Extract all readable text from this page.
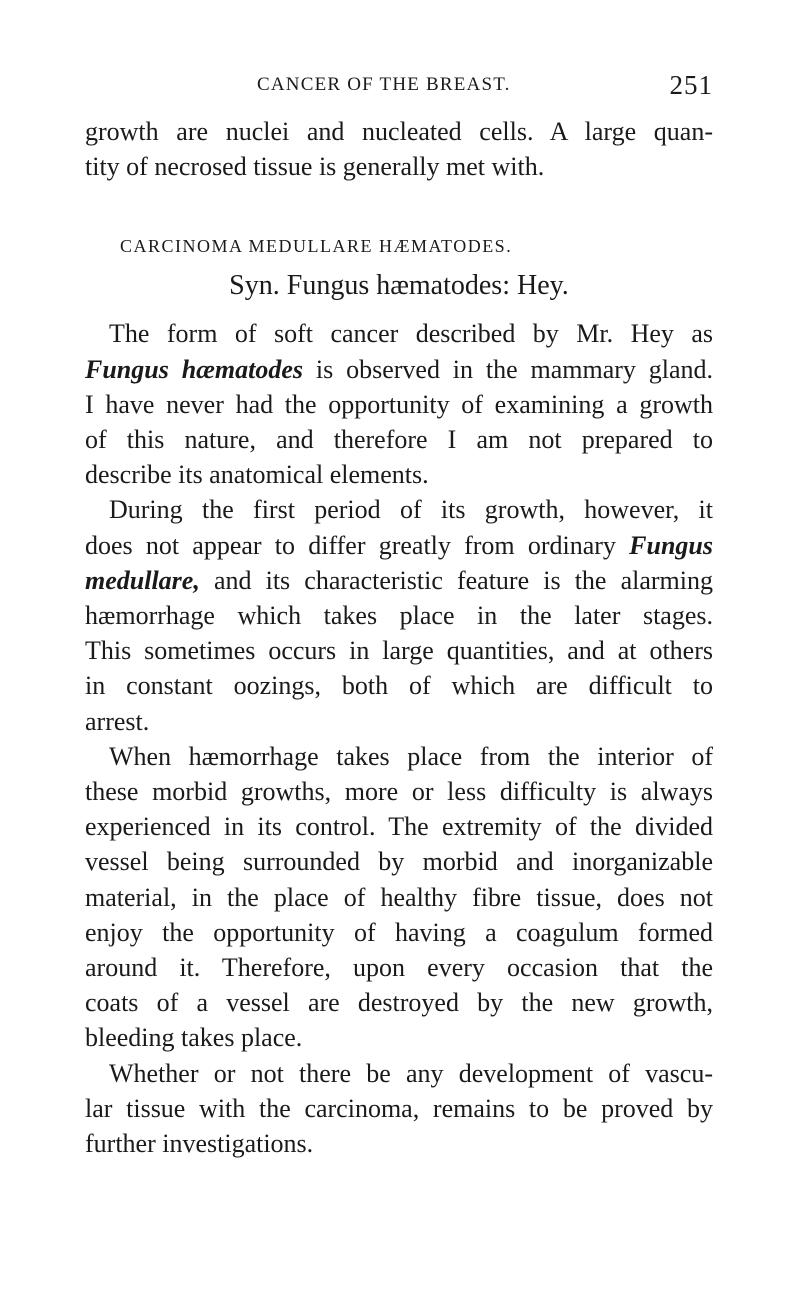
CANCER OF THE BREAST.	251

growth are nuclei and nucleated cells. A large quan-

tity of necrosed tissue is generally met with.

CARCINOMA MEDULLARE HÆMATODES.
Syn. Fungus hæmatodes: Hey.

The form of soft cancer described by Mr. Hey as

Fungus hæmatodes is observed in the mammary gland.

I have never had the opportunity of examining a growth

of this nature, and therefore I am not prepared to

describe its anatomical elements.

During the first period of its growth, however, it

does not appear to differ greatly from ordinary Fungus

medullare, and its characteristic feature is the alarming

hæmorrhage which takes place in the later stages.

This sometimes occurs in large quantities, and at others

in constant oozings, both of which are difficult to

arrest.

When hæmorrhage takes place from the interior of

these morbid growths, more or less difficulty is always

experienced in its control. The extremity of the divided

vessel being surrounded by morbid and inorganizable

material, in the place of healthy fibre tissue, does not

enjoy the opportunity of having a coagulum formed

around it. Therefore, upon every occasion that the

coats of a vessel are destroyed by the new growth,

bleeding takes place.

Whether or not there be any development of vascu-

lar tissue with the carcinoma, remains to be proved by

further investigations.
